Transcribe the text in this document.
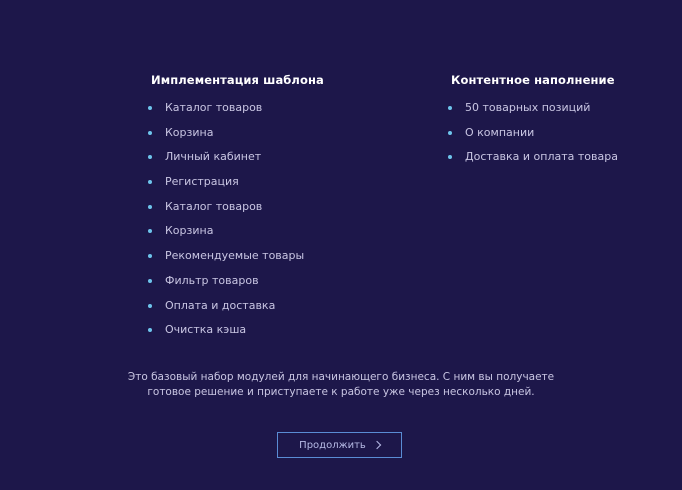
Имплементация шаблона
Каталог товаров
Корзина
Личный кабинет
Регистрация
Каталог товаров
Корзина
Рекомендуемые товары
Фильтр товаров
Оплата и доставка
Очистка кэша
Контентное наполнение
50 товарных позиций
О компании
Доставка и оплата товара

Это базовый набор модулей для начинающего бизнеса. С ним вы получаете

готовое решение и приступаете к работе уже через несколько дней.

Продолжить
